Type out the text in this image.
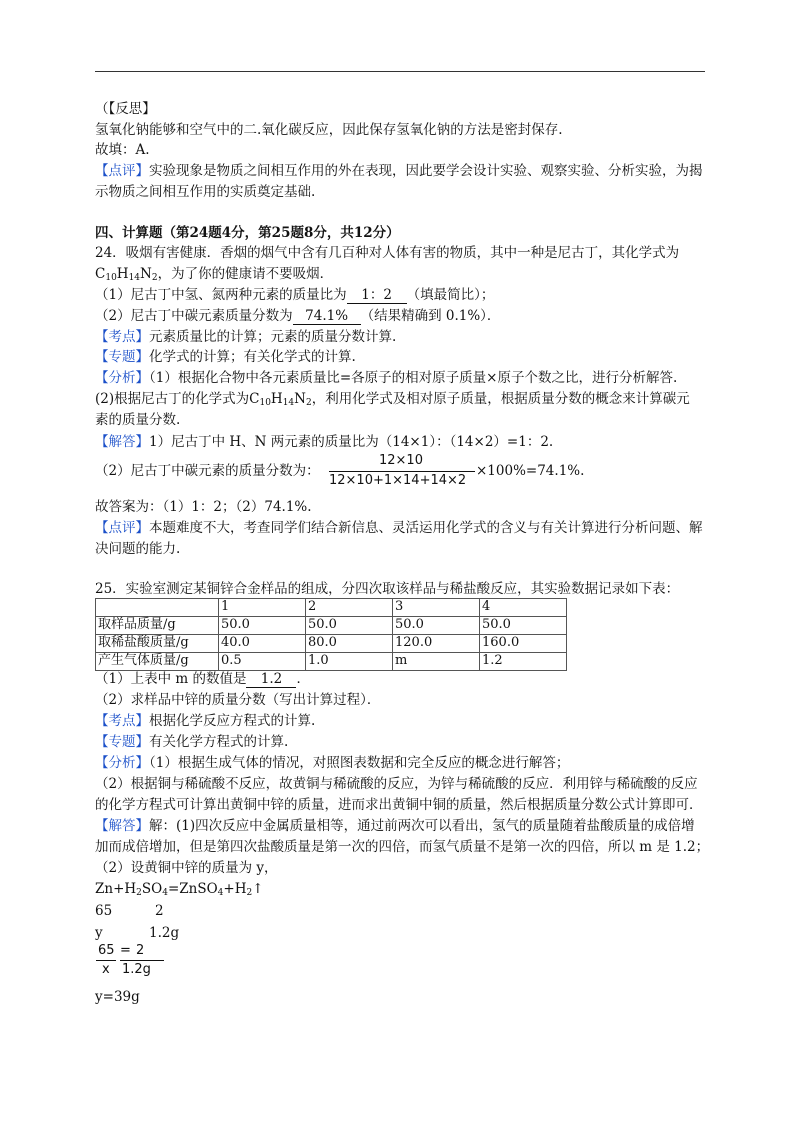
（【反思】
氢氧化钠能够和空气中的二.氧化碳反应，因此保存氢氧化钠的方法是密封保存.
故填：A.
【点评】实验现象是物质之间相互作用的外在表现，因此要学会设计实验、观察实验、分析实验，为揭
示物质之间相互作用的实质奠定基础.
四、计算题（第24题4分，第25题8分，共12分）
24．吸烟有害健康．香烟的烟气中含有几百种对人体有害的物质，其中一种是尼古丁，其化学式为
$C_{10}H_{14}N_2$，为了你的健康请不要吸烟．
（1）尼古丁中氢、氮两种元素的质量比为 1：2 （填最简比）；
（2）尼古丁中碳元素质量分数为 74.1% （结果精确到 0.1%）．
【考点】元素质量比的计算；元素的质量分数计算.
【专题】化学式的计算；有关化学式的计算.
【分析】（1）根据化合物中各元素质量比=各原子的相对原子质量×原子个数之比，进行分析解答.
(2)根据尼古丁的化学式为$C_{10}H_{14}N_2$，利用化学式及相对原子质量，根据质量分数的概念来计算碳元
素的质量分数.
【解答】1）尼古丁中 H、N 两元素的质量比为（14×1）：（14×2）=1：2.
（2）尼古丁中碳元素的质量分数为：
12×10
12×10+1×14+14×2
×100%=74.1%.
故答案为：（1）1：2；（2）74.1%.
【点评】本题难度不大，考查同学们结合新信息、灵活运用化学式的含义与有关计算进行分析问题、解
决问题的能力.
25．实验室测定某铜锌合金样品的组成，分四次取该样品与稀盐酸反应，其实验数据记录如下表：
	1	2	3	4
取样品质量/g	50.0	50.0	50.0	50.0
取稀盐酸质量/g	40.0	80.0	120.0	160.0
产生气体质量/g	0.5	1.0	m	1.2
（1）上表中 m 的数值是 1.2 ．
（2）求样品中锌的质量分数（写出计算过程）．
【考点】根据化学反应方程式的计算.
【专题】有关化学方程式的计算.
【分析】（1）根据生成气体的情况，对照图表数据和完全反应的概念进行解答；
（2）根据铜与稀硫酸不反应，故黄铜与稀硫酸的反应，为锌与稀硫酸的反应．利用锌与稀硫酸的反应
的化学方程式可计算出黄铜中锌的质量，进而求出黄铜中铜的质量，然后根据质量分数公式计算即可．
【解答】解：(1)四次反应中金属质量相等，通过前两次可以看出，氢气的质量随着盐酸质量的成倍增
加而成倍增加，但是第四次盐酸质量是第一次的四倍，而氢气质量不是第一次的四倍，所以 m 是 1.2；
（2）设黄铜中锌的质量为 y，
$Zn+H_2SO_4=ZnSO_4+H_2↑$
65	2
y	1.2g
65 = 2
x 1.2g
y=39g
